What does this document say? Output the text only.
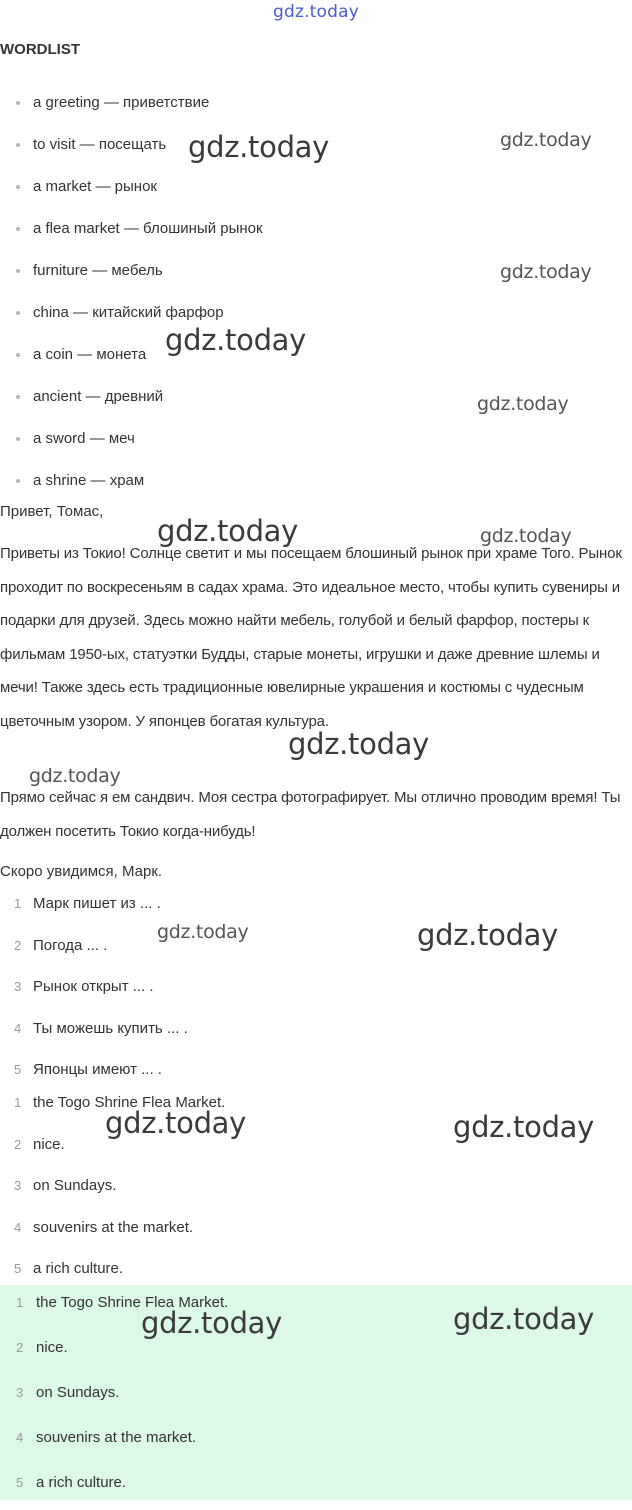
gdz.today
WORDLIST
a greeting — приветствие
to visit — посещать
a market — рынок
a flea market — блошиный рынок
furniture — мебель
china — китайский фарфор
a coin — монета
ancient — древний
a sword — меч
a shrine — храм
Привет, Томас,

Приветы из Токио! Солнце светит и мы посещаем блошиный рынок при храме Того. Рынок проходит по воскресеньям в садах храма. Это идеальное место, чтобы купить сувениры и подарки для друзей. Здесь можно найти мебель, голубой и белый фарфор, постеры к фильмам 1950-ых, статуэтки Будды, старые монеты, игрушки и даже древние шлемы и мечи! Также здесь есть традиционные ювелирные украшения и костюмы с чудесным цветочным узором. У японцев богатая культура.

Прямо сейчас я ем сандвич. Моя сестра фотографирует. Мы отлично проводим время! Ты должен посетить Токио когда-нибудь!

Скоро увидимся, Марк.
1 Марк пишет из ... .
2 Погода ... .
3 Рынок открыт ... .
4 Ты можешь купить ... .
5 Японцы имеют ... .
1 the Togo Shrine Flea Market.
2 nice.
3 on Sundays.
4 souvenirs at the market.
5 a rich culture.
1 the Togo Shrine Flea Market.
2 nice.
3 on Sundays.
4 souvenirs at the market.
5 a rich culture.
gdz.today	gdz.today
gdz.today
gdz.today
gdz.today
gdz.today	gdz.today
gdz.today
gdz.today
gdz.today	gdz.today
gdz.today	gdz.today
gdz.today	gdz.today
